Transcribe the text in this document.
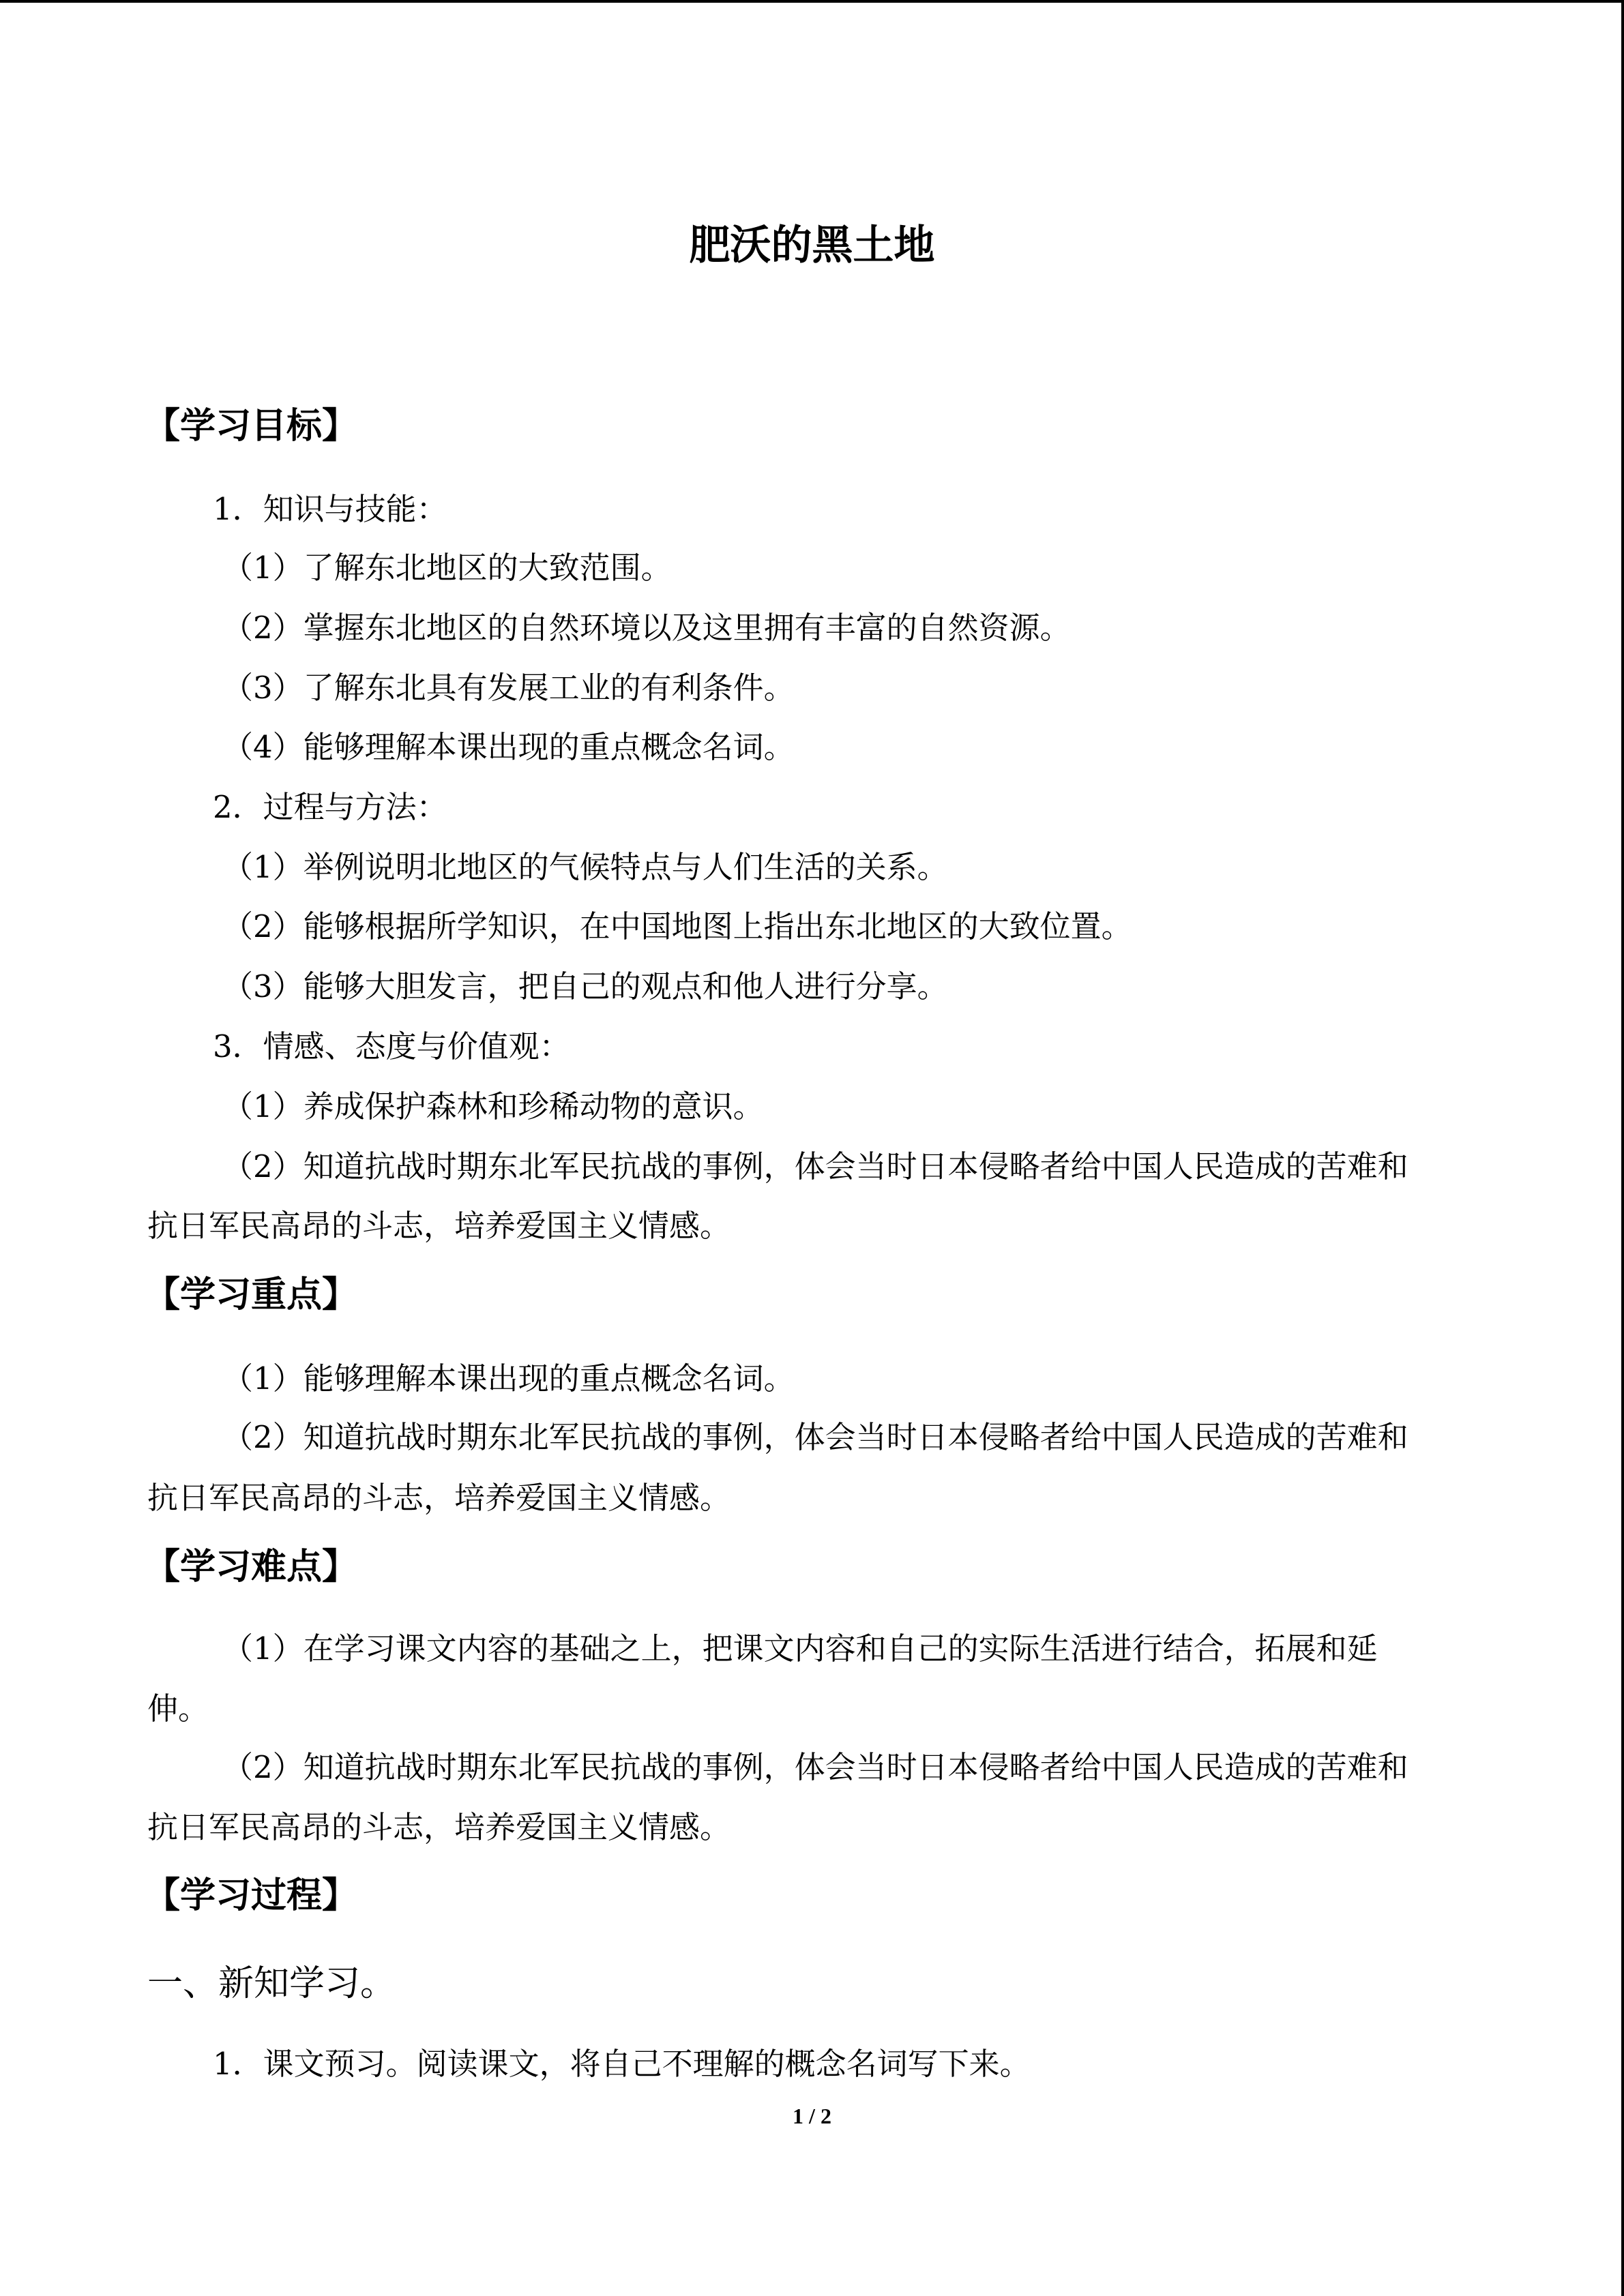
肥沃的黑土地
【学习目标】
1．知识与技能：
（1）了解东北地区的大致范围。
（2）掌握东北地区的自然环境以及这里拥有丰富的自然资源。
（3）了解东北具有发展工业的有利条件。
（4）能够理解本课出现的重点概念名词。
2．过程与方法：
（1）举例说明北地区的气候特点与人们生活的关系。
（2）能够根据所学知识，在中国地图上指出东北地区的大致位置。
（3）能够大胆发言，把自己的观点和他人进行分享。
3．情感、态度与价值观：
（1）养成保护森林和珍稀动物的意识。
（2）知道抗战时期东北军民抗战的事例，体会当时日本侵略者给中国人民造成的苦难和
抗日军民高昂的斗志，培养爱国主义情感。
【学习重点】
（1）能够理解本课出现的重点概念名词。
（2）知道抗战时期东北军民抗战的事例，体会当时日本侵略者给中国人民造成的苦难和
抗日军民高昂的斗志，培养爱国主义情感。
【学习难点】
（1）在学习课文内容的基础之上，把课文内容和自己的实际生活进行结合，拓展和延
伸。
（2）知道抗战时期东北军民抗战的事例，体会当时日本侵略者给中国人民造成的苦难和
抗日军民高昂的斗志，培养爱国主义情感。
【学习过程】
一、新知学习。
1．课文预习。阅读课文，将自己不理解的概念名词写下来。
1 / 2
